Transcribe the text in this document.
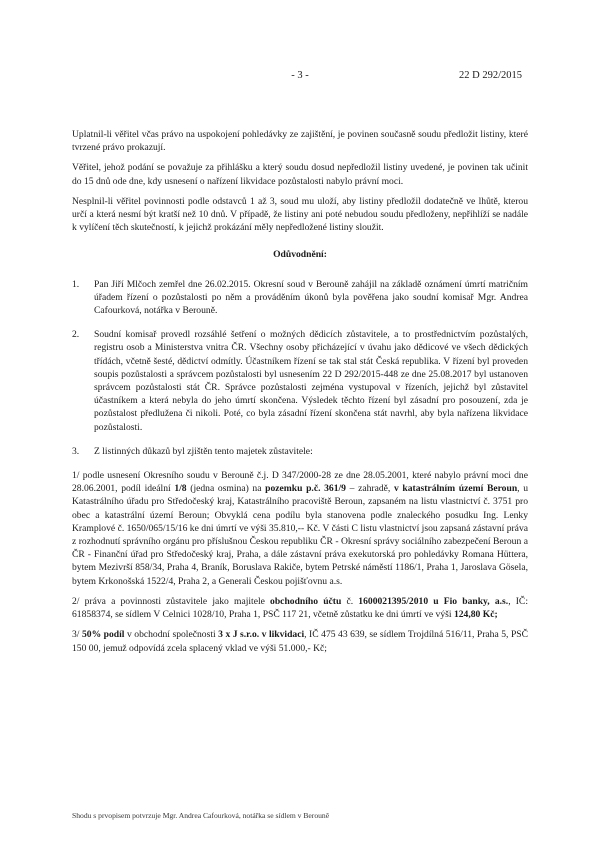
- 3 -	22 D 292/2015

Uplatnil-li věřitel včas právo na uspokojení pohledávky ze zajištění, je povinen současně soudu předložit listiny, které tvrzené právo prokazují.

Věřitel, jehož podání se považuje za přihlášku a který soudu dosud nepředložil listiny uvedené, je povinen tak učinit do 15 dnů ode dne, kdy usnesení o nařízení likvidace pozůstalosti nabylo právní moci.

Nesplnil-li věřitel povinnosti podle odstavců 1 až 3, soud mu uloží, aby listiny předložil dodatečně ve lhůtě, kterou určí a která nesmí být kratší než 10 dnů. V případě, že listiny ani poté nebudou soudu předloženy, nepřihlíží se nadále k vylíčení těch skutečností, k jejichž prokázání měly nepředložené listiny sloužit.

Odůvodnění:
1.	Pan Jiří Mlčoch zemřel dne 26.02.2015. Okresní soud v Berouně zahájil na základě oznámení úmrtí matričním úřadem řízení o pozůstalosti po něm a prováděním úkonů byla pověřena jako soudní komisař Mgr. Andrea Cafourková, notářka v Berouně.
2.	Soudní komisař provedl rozsáhlé šetření o možných dědicích zůstavitele, a to prostřednictvím pozůstalých, registru osob a Ministerstva vnitra ČR. Všechny osoby přicházející v úvahu jako dědicové ve všech dědických třídách, včetně šesté, dědictví odmítly. Účastníkem řízení se tak stal stát Česká republika. V řízení byl proveden soupis pozůstalosti a správcem pozůstalosti byl usnesením 22 D 292/2015-448 ze dne 25.08.2017 byl ustanoven správcem pozůstalosti stát ČR. Správce pozůstalosti zejména vystupoval v řízeních, jejichž byl zůstavitel účastníkem a která nebyla do jeho úmrtí skončena. Výsledek těchto řízení byl zásadní pro posouzení, zda je pozůstalost předlužena či nikoli. Poté, co byla zásadní řízení skončena stát navrhl, aby byla nařízena likvidace pozůstalosti.
3.	Z listinných důkazů byl zjištěn tento majetek zůstavitele:

1/ podle usnesení Okresního soudu v Berouně č.j. D 347/2000-28 ze dne 28.05.2001, které nabylo právní moci dne 28.06.2001, podíl ideální 1/8 (jedna osmina) na pozemku p.č. 361/9 – zahradě, v katastrálním území Beroun, u Katastrálního úřadu pro Středočeský kraj, Katastrálního pracoviště Beroun, zapsaném na listu vlastnictví č. 3751 pro obec a katastrální území Beroun; Obvyklá cena podílu byla stanovena podle znaleckého posudku Ing. Lenky Kramplové č. 1650/065/15/16 ke dni úmrtí ve výši 35.810,-- Kč. V části C listu vlastnictví jsou zapsaná zástavní práva z rozhodnutí správního orgánu pro příslušnou Českou republiku ČR - Okresní správy sociálního zabezpečení Beroun a ČR - Finanční úřad pro Středočeský kraj, Praha, a dále zástavní práva exekutorská pro pohledávky Romana Hüttera, bytem Mezivrší 858/34, Praha 4, Braník, Boruslava Rakiče, bytem Petrské náměstí 1186/1, Praha 1, Jaroslava Gösela, bytem Krkonošská 1522/4, Praha 2, a Generali Českou pojišťovnu a.s.

2/ práva a povinnosti zůstavitele jako majitele obchodního účtu č. 1600021395/2010 u Fio banky, a.s., IČ: 61858374, se sídlem V Celnici 1028/10, Praha 1, PSČ 117 21, včetně zůstatku ke dni úmrtí ve výši 124,80 Kč;

3/ 50% podíl v obchodní společnosti 3 x J s.r.o. v likvidaci, IČ 475 43 639, se sídlem Trojdílná 516/11, Praha 5, PSČ 150 00, jemuž odpovídá zcela splacený vklad ve výši 51.000,- Kč;

Shodu s prvopisem potvrzuje Mgr. Andrea Cafourková, notářka se sídlem v Berouně
